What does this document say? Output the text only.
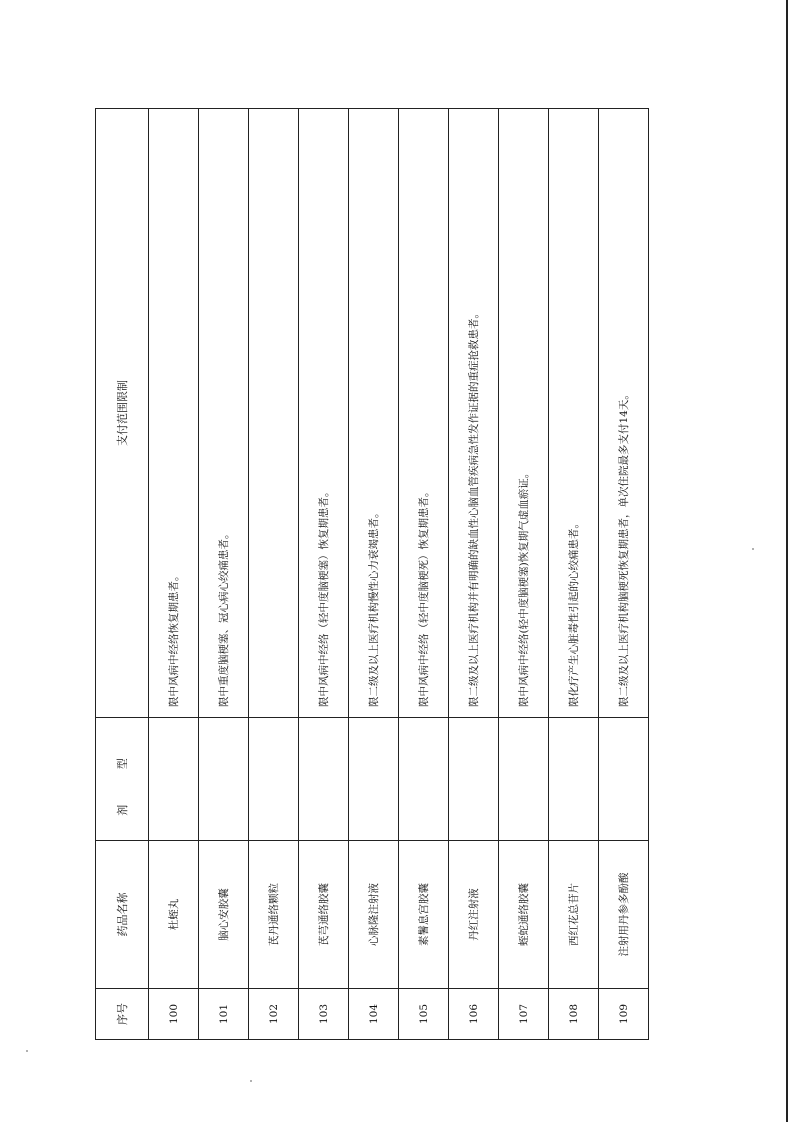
序号	药品名称	剂 型	支付范围限制
100	杜蛭丸		限中风病中经络恢复期患者。
101	脑心安胶囊		限中重度脑梗塞、冠心病心绞痛患者。
102	芪丹通络颗粒		
103	芪芎通络胶囊		限中风病中经络（轻中度脑梗塞）恢复期患者。
104	心脉隆注射液		限二级及以上医疗机构慢性心力衰竭患者。
105	素鬐息宫胶囊		限中风病中经络（轻中度脑梗死）恢复期患者。
106	丹红注射液		限二级及以上医疗机构并有明确的缺血性心脑血管疾病急性发作证据的重症抢救患者。
107	蛭蛇通络胶囊		限中风病中经络(轻中度脑梗塞)恢复期气虚血瘀证。
108	西红花总苷片		限化疗产生心脏毒性引起的心绞痛患者。
109	注射用丹参多酚酸		限二级及以上医疗机构脑梗死恢复期患者，单次住院最多支付14天。
